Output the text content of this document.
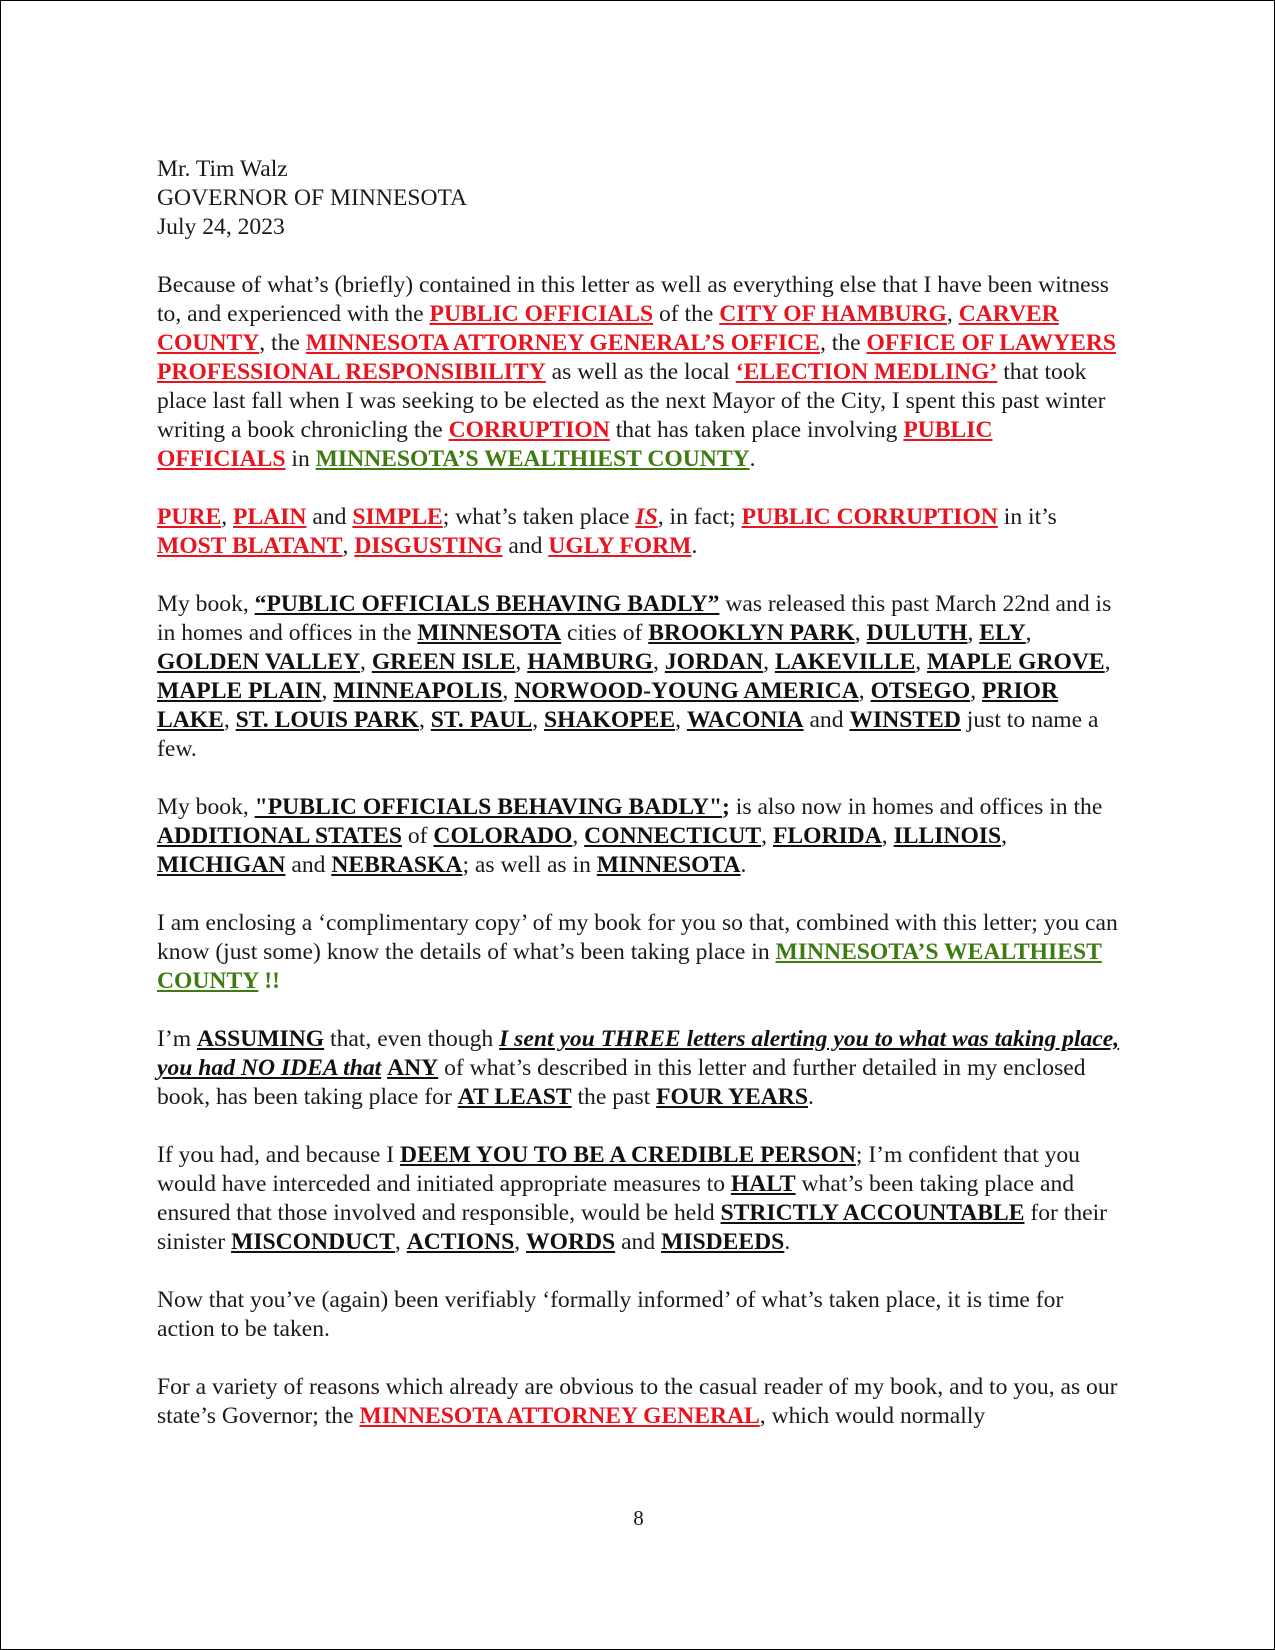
Mr. Tim Walz

GOVERNOR OF MINNESOTA

July 24, 2023

Because of what’s (briefly) contained in this letter as well as everything else that I have been witness to, and experienced with the PUBLIC OFFICIALS of the CITY OF HAMBURG, CARVER COUNTY, the MINNESOTA ATTORNEY GENERAL’S OFFICE, the OFFICE OF LAWYERS PROFESSIONAL RESPONSIBILITY as well as the local ‘ELECTION MEDLING’ that took place last fall when I was seeking to be elected as the next Mayor of the City, I spent this past winter writing a book chronicling the CORRUPTION that has taken place involving PUBLIC OFFICIALS in MINNESOTA’S WEALTHIEST COUNTY.

PURE, PLAIN and SIMPLE; what’s taken place IS, in fact; PUBLIC CORRUPTION in it’s MOST BLATANT, DISGUSTING and UGLY FORM.

My book, “PUBLIC OFFICIALS BEHAVING BADLY” was released this past March 22nd and is in homes and offices in the MINNESOTA cities of BROOKLYN PARK, DULUTH, ELY, GOLDEN VALLEY, GREEN ISLE, HAMBURG, JORDAN, LAKEVILLE, MAPLE GROVE, MAPLE PLAIN, MINNEAPOLIS, NORWOOD-YOUNG AMERICA, OTSEGO, PRIOR LAKE, ST. LOUIS PARK, ST. PAUL, SHAKOPEE, WACONIA and WINSTED just to name a few.

My book, "PUBLIC OFFICIALS BEHAVING BADLY"; is also now in homes and offices in the ADDITIONAL STATES of COLORADO, CONNECTICUT, FLORIDA, ILLINOIS, MICHIGAN and NEBRASKA; as well as in MINNESOTA.

I am enclosing a ‘complimentary copy’ of my book for you so that, combined with this letter; you can know (just some) know the details of what’s been taking place in MINNESOTA’S WEALTHIEST COUNTY !!

I’m ASSUMING that, even though I sent you THREE letters alerting you to what was taking place, you had NO IDEA that ANY of what’s described in this letter and further detailed in my enclosed book, has been taking place for AT LEAST the past FOUR YEARS.

If you had, and because I DEEM YOU TO BE A CREDIBLE PERSON; I’m confident that you would have interceded and initiated appropriate measures to HALT what’s been taking place and ensured that those involved and responsible, would be held STRICTLY ACCOUNTABLE for their sinister MISCONDUCT, ACTIONS, WORDS and MISDEEDS.

Now that you’ve (again) been verifiably ‘formally informed’ of what’s taken place, it is time for action to be taken.

For a variety of reasons which already are obvious to the casual reader of my book, and to you, as our state’s Governor; the MINNESOTA ATTORNEY GENERAL, which would normally

8
